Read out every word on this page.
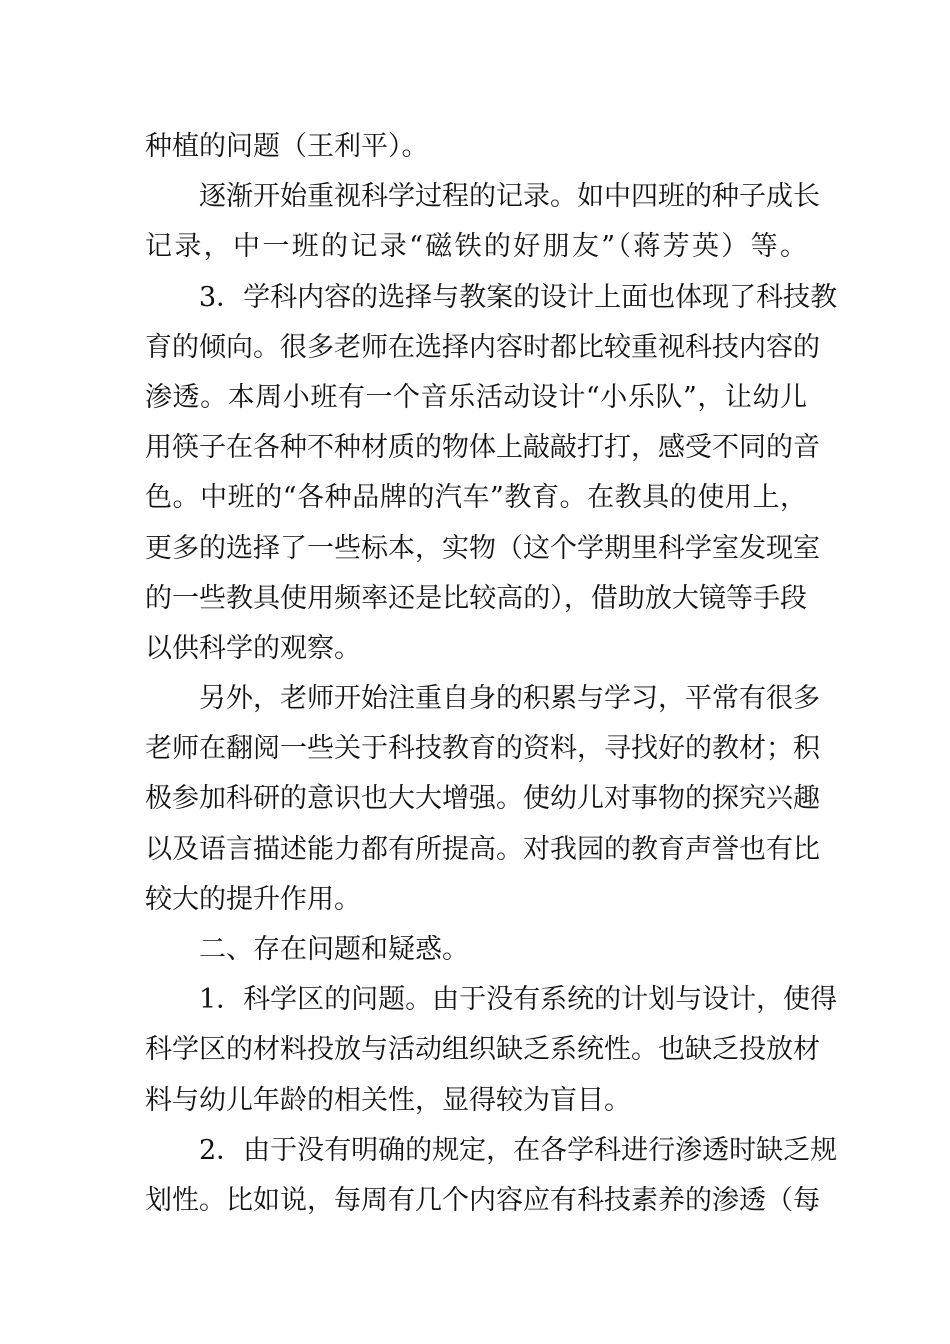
种植的问题（王利平）。
逐渐开始重视科学过程的记录。如中四班的种子成长
记录，中一班的记录“磁铁的好朋友”（蒋芳英）等。
3．学科内容的选择与教案的设计上面也体现了科技教
育的倾向。很多老师在选择内容时都比较重视科技内容的
渗透。本周小班有一个音乐活动设计“小乐队”，让幼儿
用筷子在各种不种材质的物体上敲敲打打，感受不同的音
色。中班的“各种品牌的汽车”教育。在教具的使用上，
更多的选择了一些标本，实物（这个学期里科学室发现室
的一些教具使用频率还是比较高的），借助放大镜等手段
以供科学的观察。
另外，老师开始注重自身的积累与学习，平常有很多
老师在翻阅一些关于科技教育的资料，寻找好的教材；积
极参加科研的意识也大大增强。使幼儿对事物的探究兴趣
以及语言描述能力都有所提高。对我园的教育声誉也有比
较大的提升作用。
二、存在问题和疑惑。
1．科学区的问题。由于没有系统的计划与设计，使得
科学区的材料投放与活动组织缺乏系统性。也缺乏投放材
料与幼儿年龄的相关性，显得较为盲目。
2．由于没有明确的规定，在各学科进行渗透时缺乏规
划性。比如说，每周有几个内容应有科技素养的渗透（每
